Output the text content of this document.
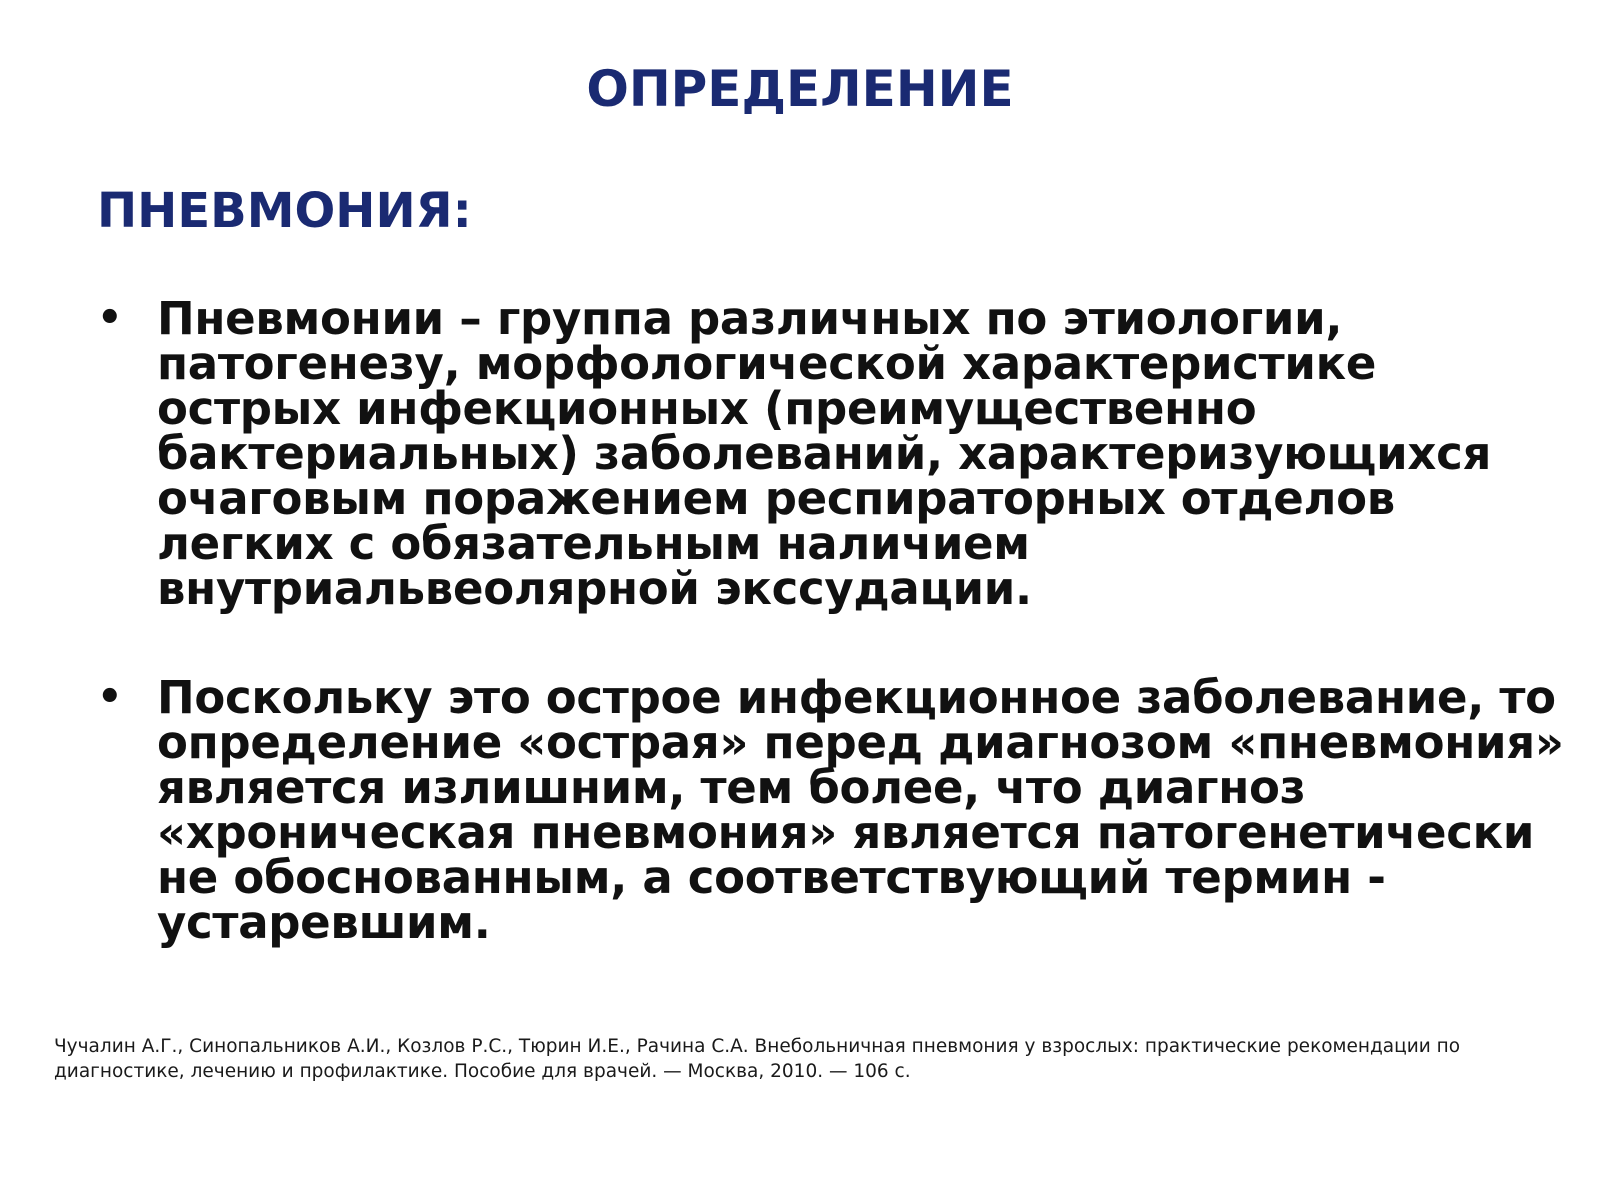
ОПРЕДЕЛЕНИЕ
ПНЕВМОНИЯ:
• Пневмонии – группа различных по этиологии, патогенезу, морфологической характеристике острых инфекционных (преимущественно бактериальных) заболеваний, характеризующихся очаговым поражением респираторных отделов легких с обязательным наличием внутриальвеолярной экссудации.
• Поскольку это острое инфекционное заболевание, то определение «острая» перед диагнозом «пневмония» является излишним, тем более, что диагноз «хроническая пневмония» является патогенетически не обоснованным, а соответствующий термин - устаревшим.

Чучалин А.Г., Синопальников А.И., Козлов Р.С., Тюрин И.Е., Рачина С.А. Внебольничная пневмония у взрослых: практические рекомендации по диагностике, лечению и профилактике. Пособие для врачей. — Москва, 2010. — 106 с.
